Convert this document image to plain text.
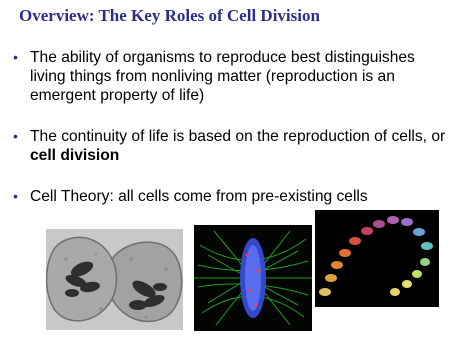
Overview: The Key Roles of Cell Division
• The ability of organisms to reproduce best distinguishes living things from nonliving matter (reproduction is an emergent property of life)
• The continuity of life is based on the reproduction of cells, or cell division
• Cell Theory: all cells come from pre-existing cells
